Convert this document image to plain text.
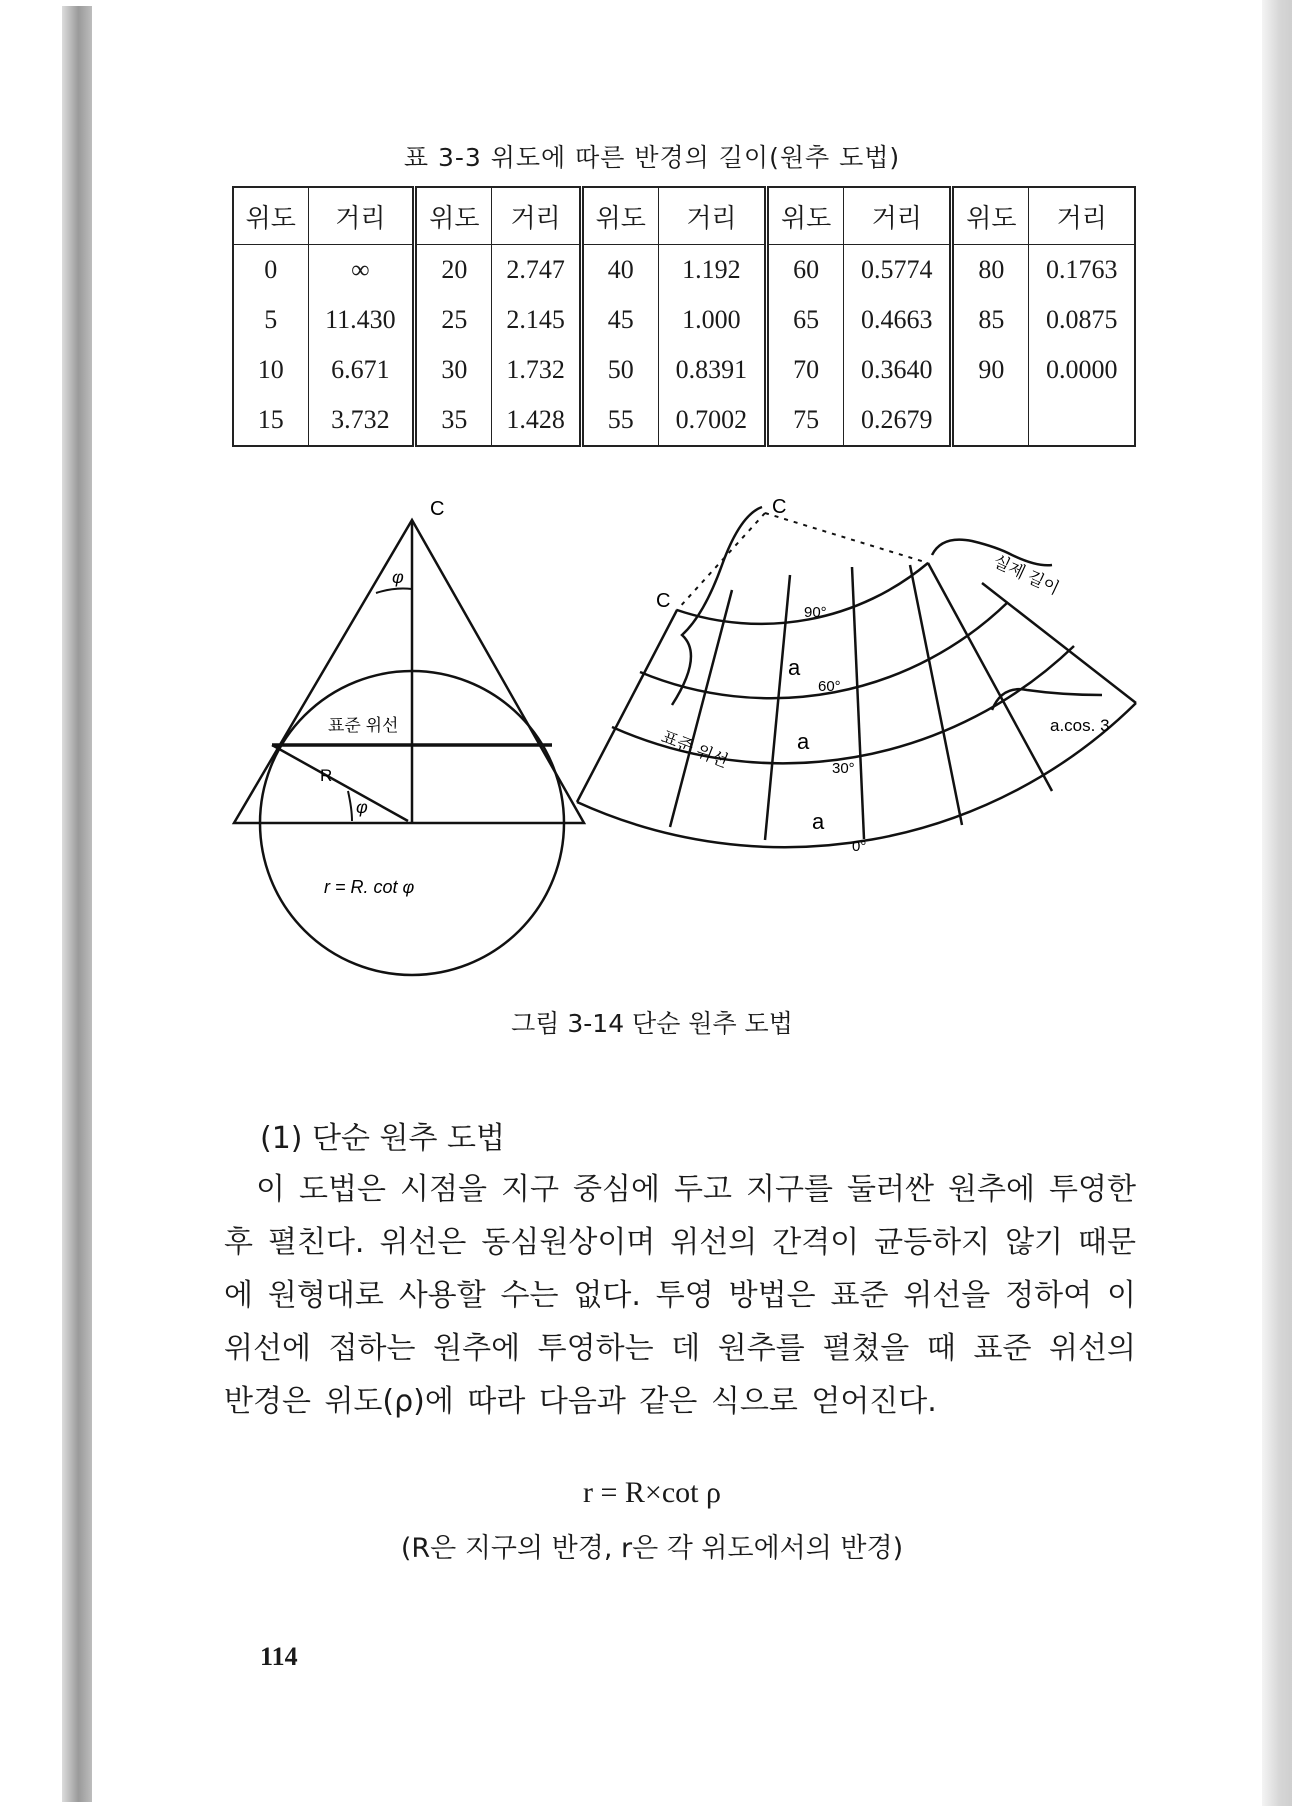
표 3-3 위도에 따른 반경의 길이(원추 도법)
위도	거리	위도	거리	위도	거리	위도	거리	위도	거리
0	∞	20	2.747	40	1.192	60	0.5774	80	0.1763
5	11.430	25	2.145	45	1.000	65	0.4663	85	0.0875
10	6.671	30	1.732	50	0.8391	70	0.3640	90	0.0000
15	3.732	35	1.428	55	0.7002	75	0.2679		
C
φ
표준 위선
R
φ
r = R. cot φ
C
C
실제 길이
표준 위선
a
a
a
90°
60°
30°
0°
a.cos. 3
그림 3-14 단순 원추 도법
(1) 단순 원추 도법
이 도법은 시점을 지구 중심에 두고 지구를 둘러싼 원추에 투영한 후 펼친다. 위선은 동심원상이며 위선의 간격이 균등하지 않기 때문에 원형대로 사용할 수는 없다. 투영 방법은 표준 위선을 정하여 이 위선에 접하는 원추에 투영하는 데 원추를 펼쳤을 때 표준 위선의 반경은 위도(ρ)에 따라 다음과 같은 식으로 얻어진다.
r = R×cot ρ
(R은 지구의 반경, r은 각 위도에서의 반경)
114
